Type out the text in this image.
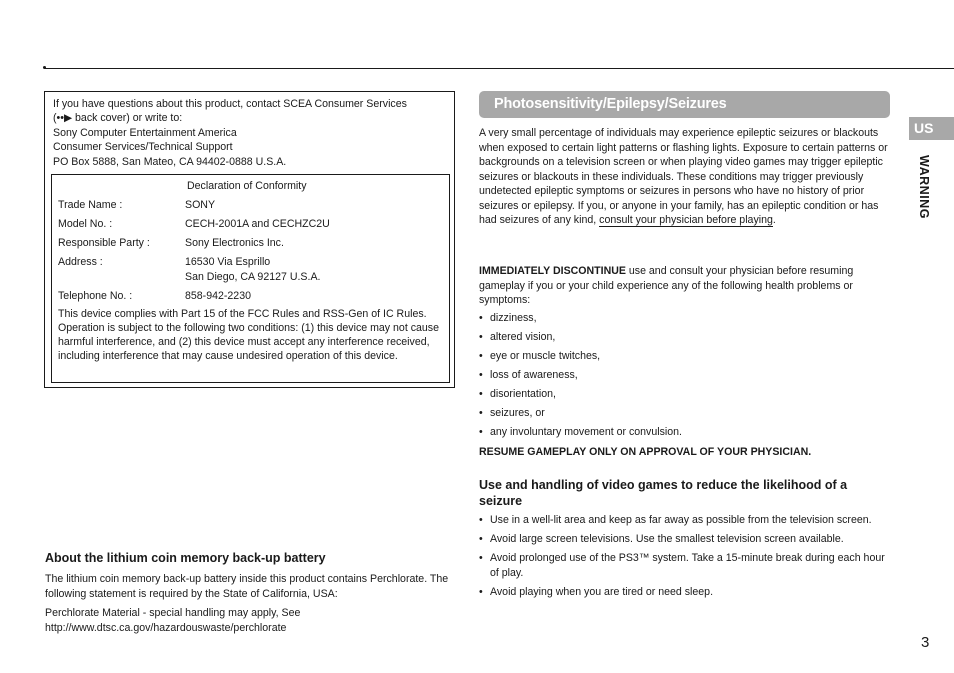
If you have questions about this product, contact SCEA Consumer Services

(••▶ back cover) or write to:

Sony Computer Entertainment America

Consumer Services/Technical Support

PO Box 5888, San Mateo, CA 94402-0888 U.S.A.

Declaration of Conformity
Trade Name :	SONY
Model No. :	CECH-2001A and CECHZC2U
Responsible Party :	Sony Electronics Inc.
Address :	16530 Via Esprillo
San Diego, CA 92127 U.S.A.
Telephone No. :	858-942-2230
This device complies with Part 15 of the FCC Rules and RSS-Gen of IC Rules. Operation is subject to the following two conditions: (1) this device may not cause harmful interference, and (2) this device must accept any interference received, including interference that may cause undesired operation of this device.
About the lithium coin memory back-up battery

The lithium coin memory back-up battery inside this product contains Perchlorate. The following statement is required by the State of California, USA:

Perchlorate Material - special handling may apply, See http://www.dtsc.ca.gov/hazardouswaste/perchlorate

Photosensitivity/Epilepsy/Seizures

A very small percentage of individuals may experience epileptic seizures or blackouts when exposed to certain light patterns or flashing lights. Exposure to certain patterns or backgrounds on a television screen or when playing video games may trigger epileptic seizures or blackouts in these individuals. These conditions may trigger previously undetected epileptic symptoms or seizures in persons who have no history of prior seizures or epilepsy. If you, or anyone in your family, has an epileptic condition or has had seizures of any kind, consult your physician before playing.

IMMEDIATELY DISCONTINUE use and consult your physician before resuming gameplay if you or your child experience any of the following health problems or symptoms:

• dizziness,
• altered vision,
• eye or muscle twitches,
• loss of awareness,
• disorientation,
• seizures, or
• any involuntary movement or convulsion.

RESUME GAMEPLAY ONLY ON APPROVAL OF YOUR PHYSICIAN.

Use and handling of video games to reduce the likelihood of a seizure
• Use in a well-lit area and keep as far away as possible from the television screen.
• Avoid large screen televisions. Use the smallest television screen available.
• Avoid prolonged use of the PS3™ system. Take a 15-minute break during each hour of play.
• Avoid playing when you are tired or need sleep.
US
WARNING
3
